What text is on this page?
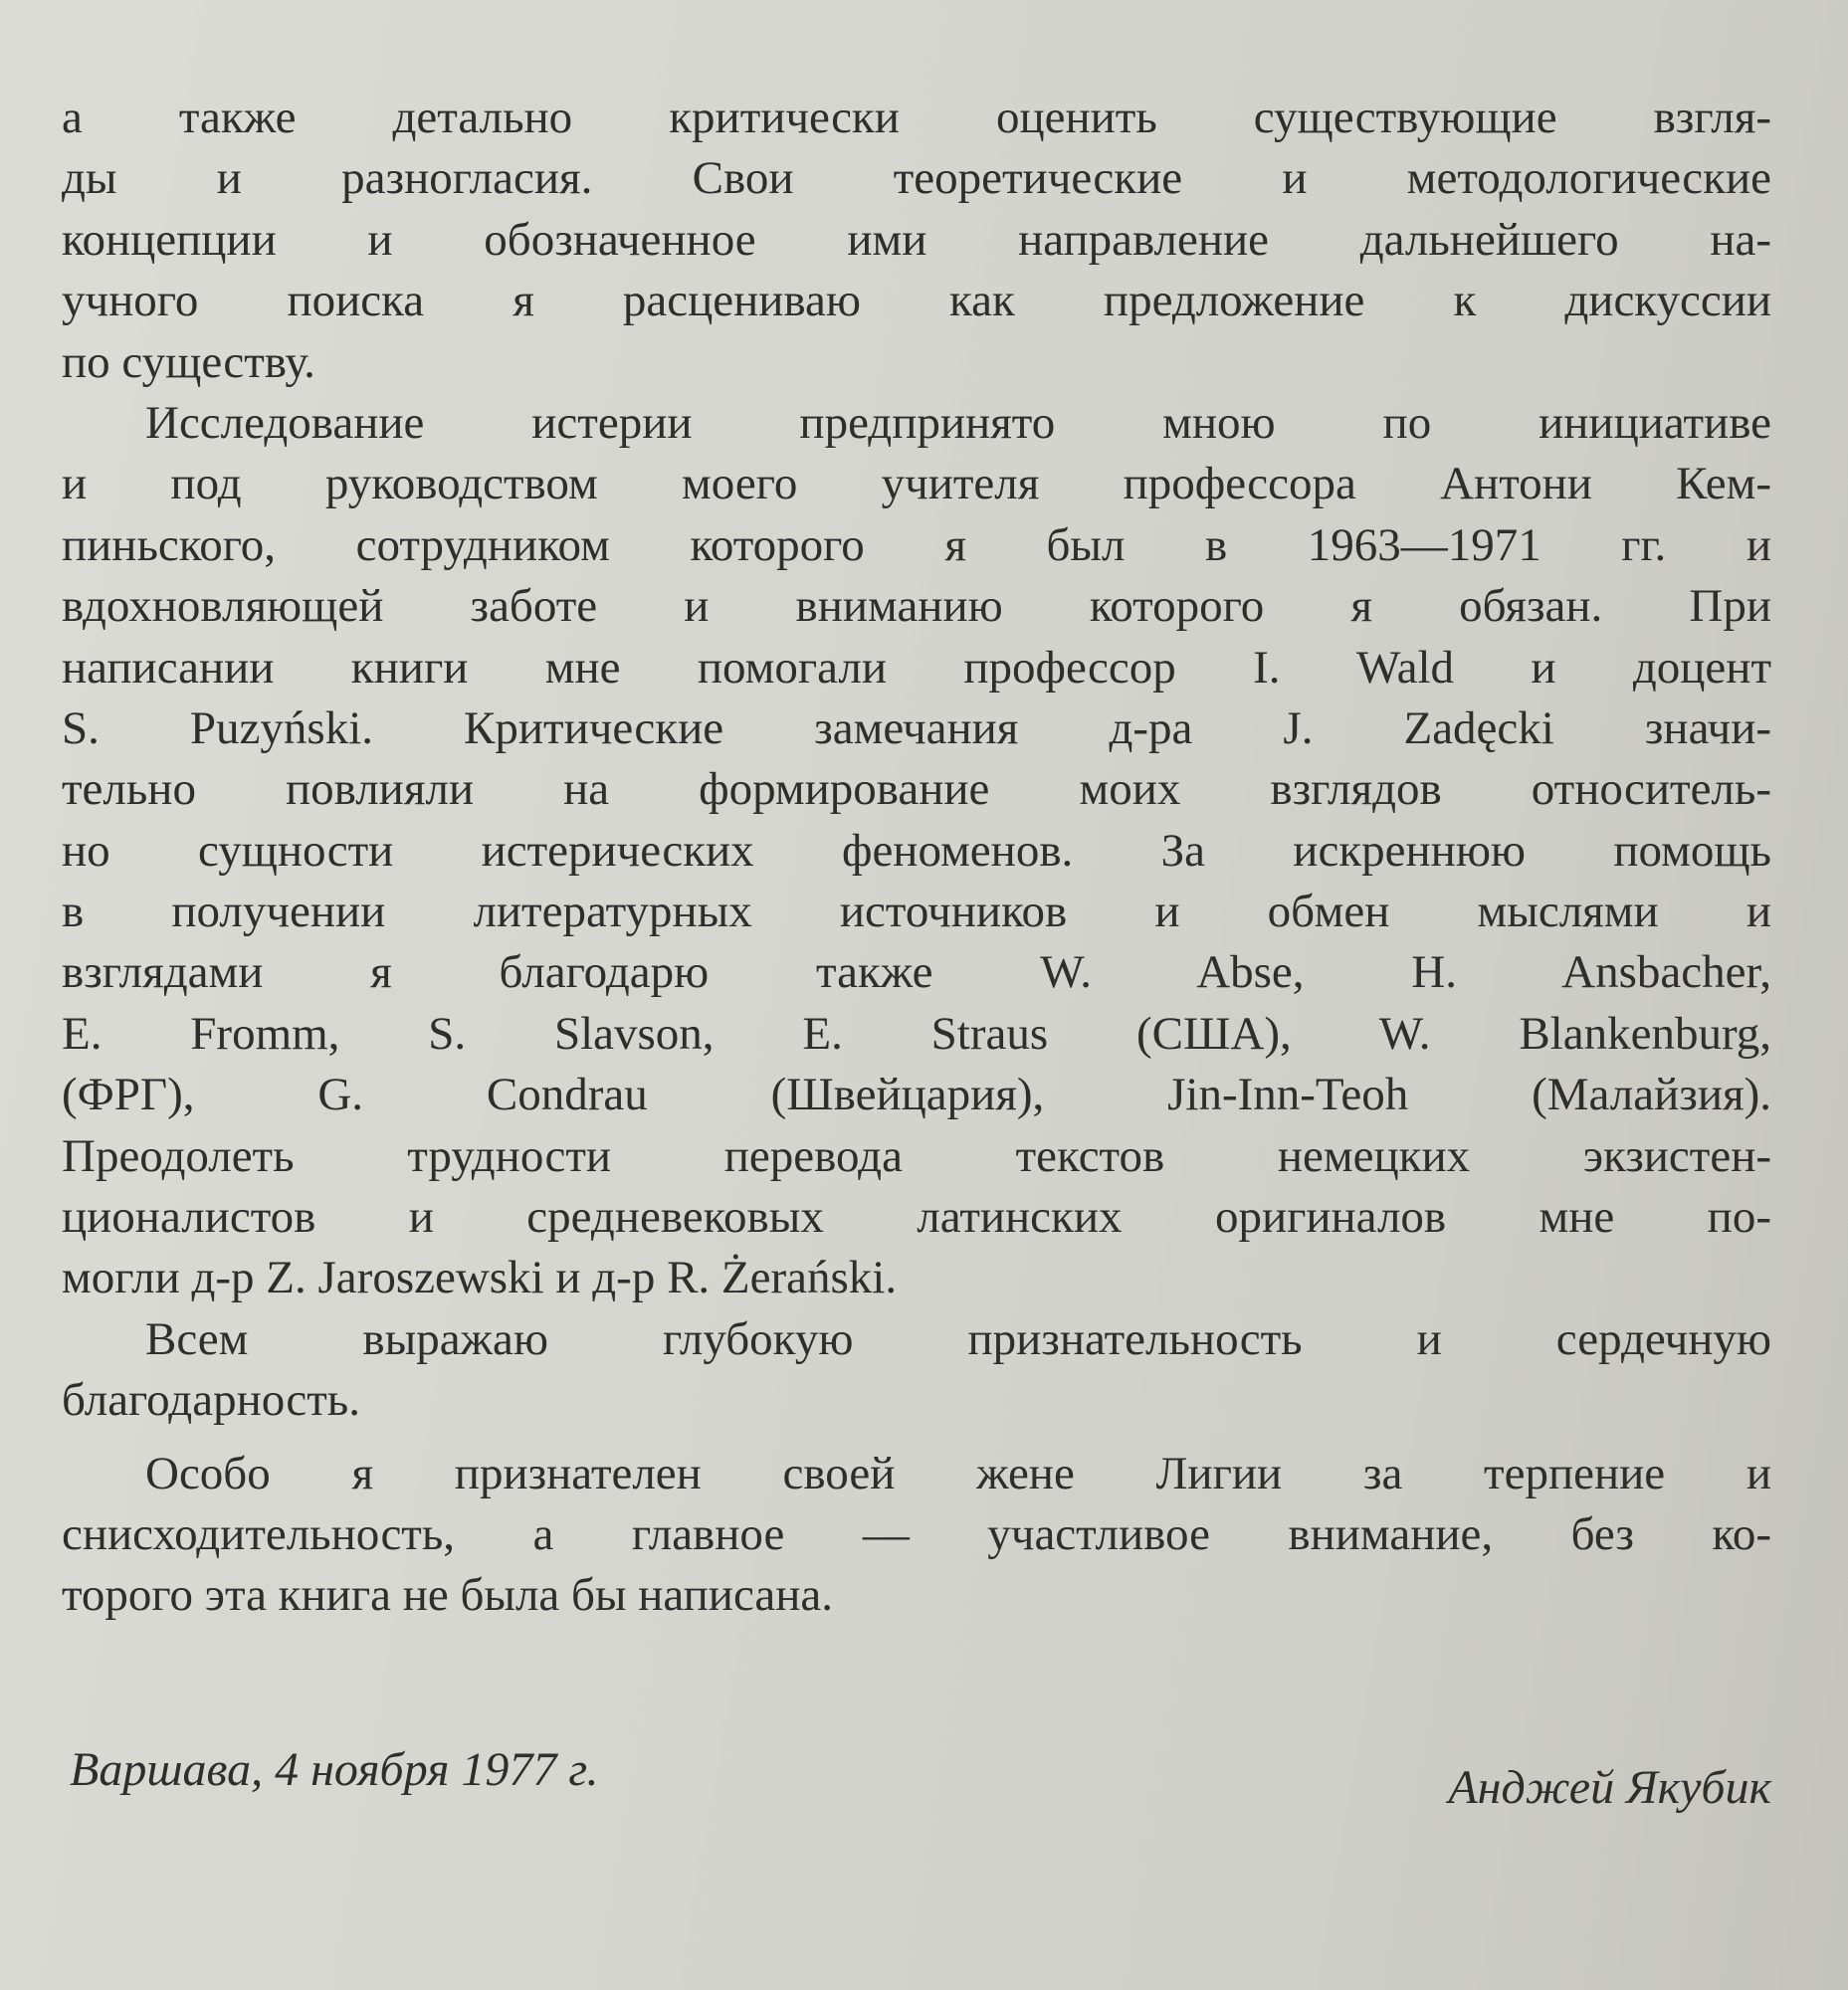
а также детально критически оценить существующие взгля-
ды и разногласия. Свои теоретические и методологические
концепции и обозначенное ими направление дальнейшего на-
учного поиска я расцениваю как предложение к дискуссии
по существу.
Исследование истерии предпринято мною по инициативе
и под руководством моего учителя профессора Антони Кем-
пиньского, сотрудником которого я был в 1963—1971 гг. и
вдохновляющей заботе и вниманию которого я обязан. При
написании книги мне помогали профессор I. Wald и доцент
S. Puzyński. Критические замечания д-ра J. Zadęcki значи-
тельно повлияли на формирование моих взглядов относитель-
но сущности истерических феноменов. За искреннюю помощь
в получении литературных источников и обмен мыслями и
взглядами я благодарю также W. Abse, H. Ansbacher,
E. Fromm, S. Slavson, E. Straus (США), W. Blankenburg,
(ФРГ), G. Condrau (Швейцария), Jin-Inn-Teoh (Малайзия).
Преодолеть трудности перевода текстов немецких экзистен-
ционалистов и средневековых латинских оригиналов мне по-
могли д-р Z. Jaroszewski и д-р R. Żerański.
Всем выражаю глубокую признательность и сердечную
благодарность.
Особо я признателен своей жене Лигии за терпение и
снисходительность, а главное — участливое внимание, без ко-
торого эта книга не была бы написана.
Варшава, 4 ноября 1977 г.	Анджей Якубик
